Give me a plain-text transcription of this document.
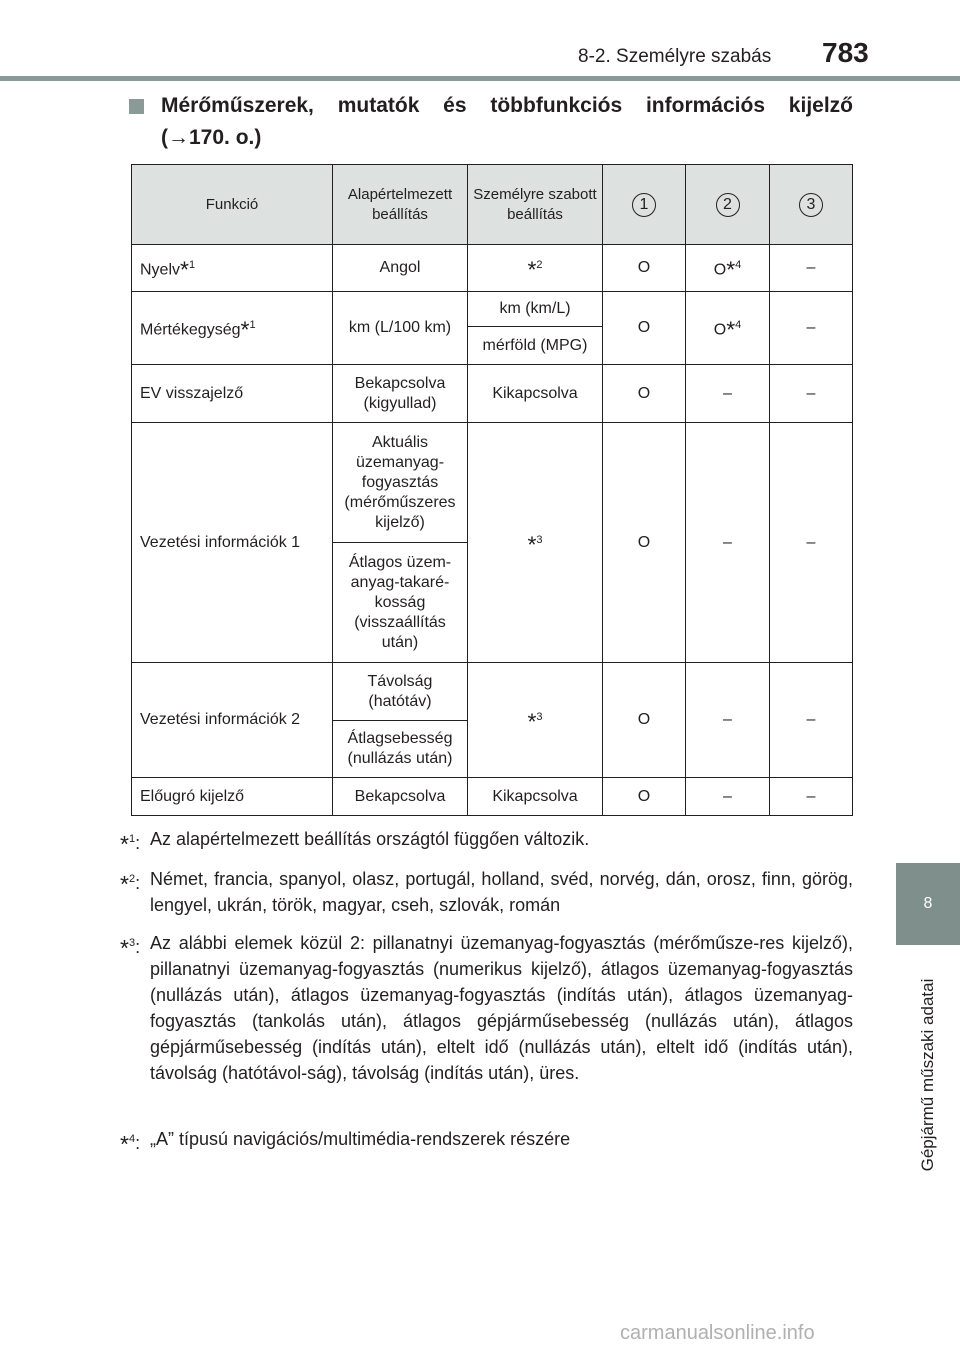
8-2. Személyre szabás 783
8
Gépjármű műszaki adatai
Mérőműszerek, mutatók és többfunkciós információs kijelző
(→170. o.)
Funkció	Alapértelmezett beállítás	Személyre szabott beállítás	1	2	3
Nyelv*$^1$	Angol	*$^2$	O	O*$^4$	–
Mértékegység*$^1$	km (L/100 km)	km (km/L)	O	O*$^4$	–
		mérföld (MPG)			
EV visszajelző	Bekapcsolva (kigyullad)	Kikapcsolva	O	–	–
Vezetési információk 1	Aktuális üzemanyag-fogyasztás (mérőműszeres kijelző)	*$^3$	O	–	–
	Átlagos üzem-anyag-takaré-kosság (visszaállítás után)				
Vezetési információk 2	Távolság (hatótáv)	*$^3$	O	–	–
	Átlagsebesség (nullázás után)				
Előugró kijelző	Bekapcsolva	Kikapcsolva	O	–	–
*$^1$: Az alapértelmezett beállítás országtól függően változik.
*$^2$: Német, francia, spanyol, olasz, portugál, holland, svéd, norvég, dán, orosz, finn, görög, lengyel, ukrán, török, magyar, cseh, szlovák, román
*$^3$: Az alábbi elemek közül 2: pillanatnyi üzemanyag-fogyasztás (mérőműsze-res kijelző), pillanatnyi üzemanyag-fogyasztás (numerikus kijelző), átlagos üzemanyag-fogyasztás (nullázás után), átlagos üzemanyag-fogyasztás (indítás után), átlagos üzemanyag-fogyasztás (tankolás után), átlagos gépjárműsebesség (nullázás után), átlagos gépjárműsebesség (indítás után), eltelt idő (nullázás után), eltelt idő (indítás után), távolság (hatótávol-ság), távolság (indítás után), üres.
*$^4$: „A” típusú navigációs/multimédia-rendszerek részére
carmanualsonline.info
